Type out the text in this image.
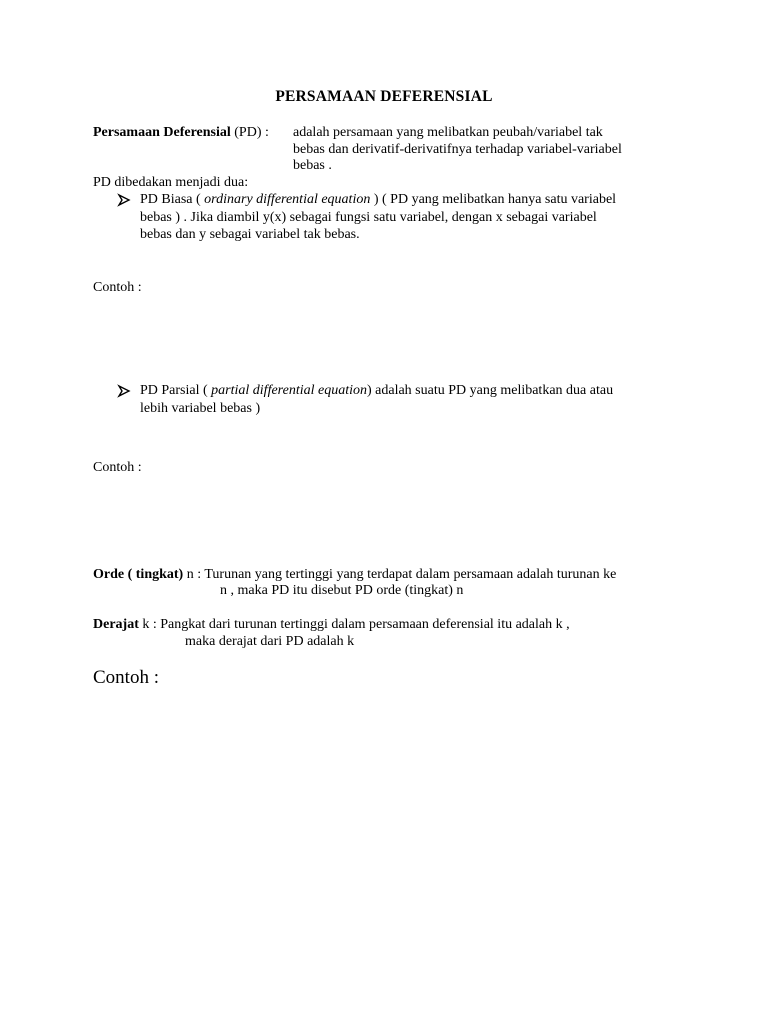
PERSAMAAN DEFERENSIAL
Persamaan Deferensial (PD) : adalah persamaan yang melibatkan peubah/variabel tak
bebas dan derivatif-derivatifnya terhadap variabel-variabel
bebas .
PD dibedakan menjadi dua:
PD Biasa ( ordinary differential equation ) ( PD yang melibatkan hanya satu variabel
bebas ) . Jika diambil y(x) sebagai fungsi satu variabel, dengan x sebagai variabel
bebas dan y sebagai variabel tak bebas.
Contoh :
PD Parsial ( partial differential equation) adalah suatu PD yang melibatkan dua atau
lebih variabel bebas )
Contoh :
Orde ( tingkat) n : Turunan yang tertinggi yang terdapat dalam persamaan adalah turunan ke
n , maka PD itu disebut PD orde (tingkat) n
Derajat k : Pangkat dari turunan tertinggi dalam persamaan deferensial itu adalah k ,
maka derajat dari PD adalah k
Contoh :
